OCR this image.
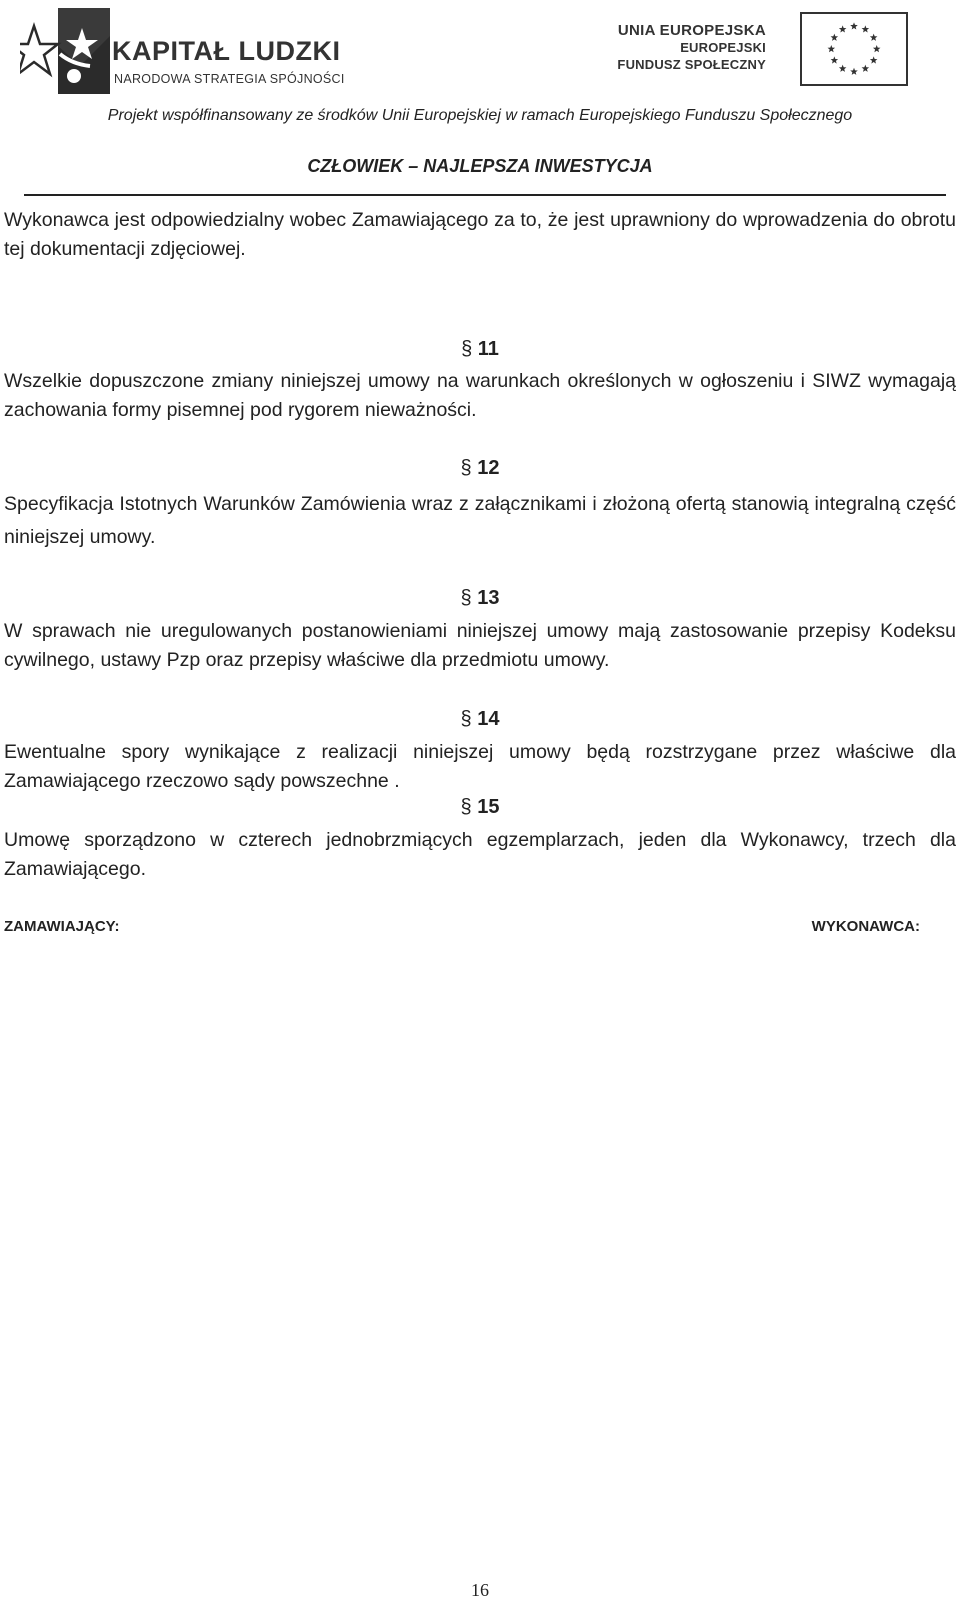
KAPITAŁ LUDZKI
NARODOWA STRATEGIA SPÓJNOŚCI
UNIA EUROPEJSKA
EUROPEJSKI
FUNDUSZ SPOŁECZNY
Projekt współfinansowany ze środków Unii Europejskiej w ramach Europejskiego Funduszu Społecznego
CZŁOWIEK – NAJLEPSZA INWESTYCJA
Wykonawca jest odpowiedzialny wobec Zamawiającego za to, że jest uprawniony do wprowadzenia do obrotu tej dokumentacji zdjęciowej.
§ 11
Wszelkie dopuszczone zmiany niniejszej umowy na warunkach określonych w ogłoszeniu i SIWZ wymagają zachowania formy pisemnej pod rygorem nieważności.
§ 12
Specyfikacja Istotnych Warunków Zamówienia wraz z załącznikami i złożoną ofertą stanowią integralną część niniejszej umowy.
§ 13
W sprawach nie uregulowanych postanowieniami niniejszej umowy mają zastosowanie przepisy Kodeksu cywilnego, ustawy Pzp oraz przepisy właściwe dla przedmiotu umowy.
§ 14
Ewentualne spory wynikające z realizacji niniejszej umowy będą rozstrzygane przez właściwe dla Zamawiającego rzeczowo sądy powszechne .
§ 15
Umowę sporządzono w czterech jednobrzmiących egzemplarzach, jeden dla Wykonawcy, trzech dla Zamawiającego.
ZAMAWIAJĄCY:	WYKONAWCA:
16
